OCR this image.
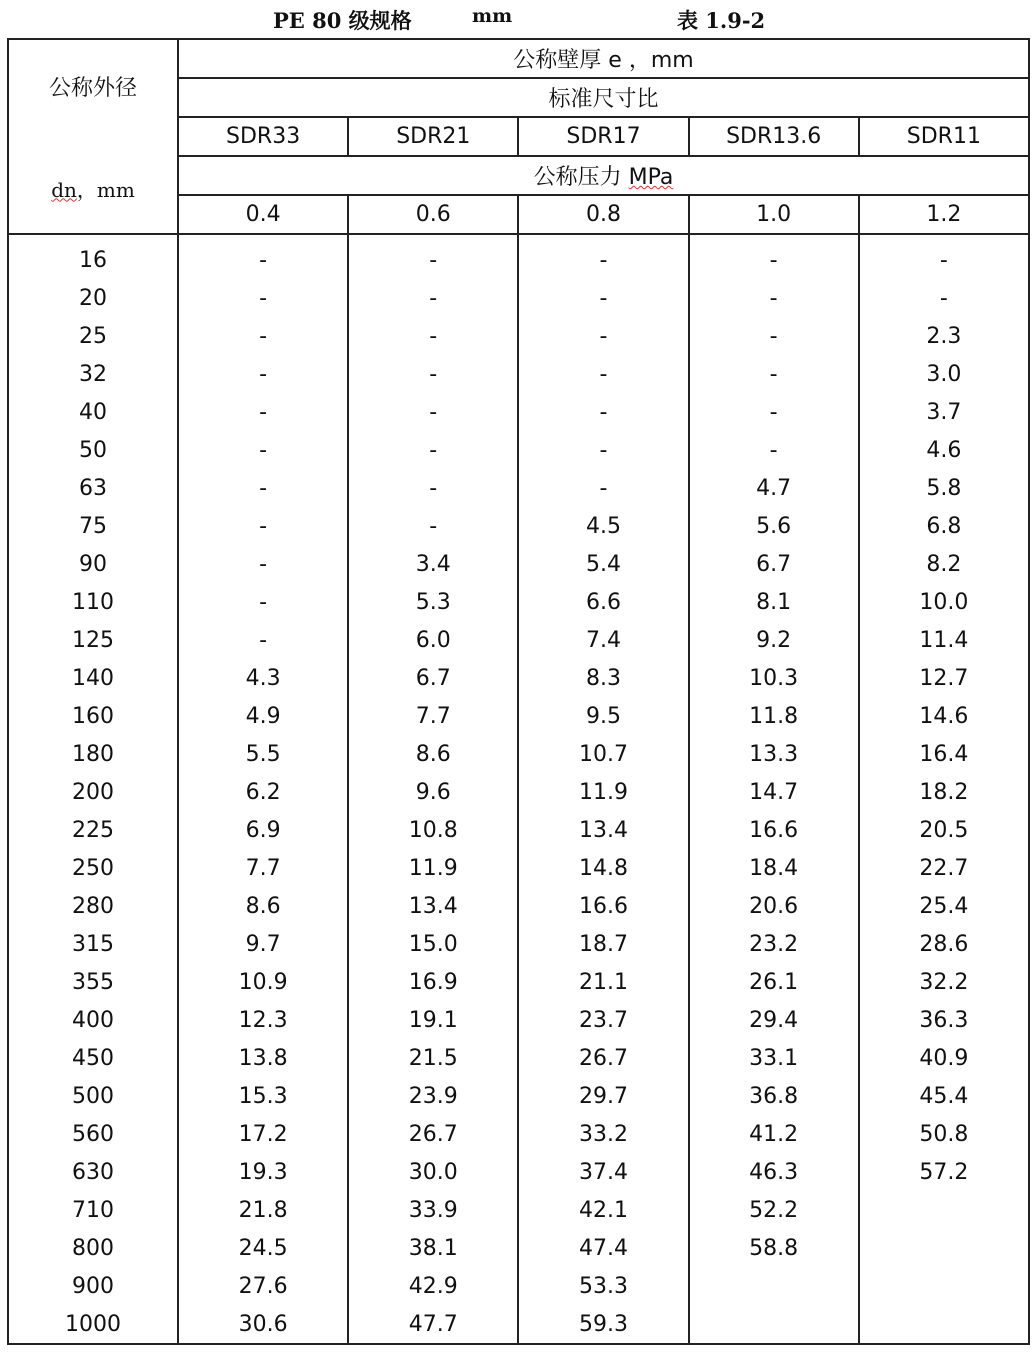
PE 80 级规格	mm	表 1.9-2
公称外径
dn，mm	公称壁厚 e ，mm				
	标准尺寸比				
	SDR33	SDR21	SDR17	SDR13.6	SDR11
	公称压力 MPa				
	0.4	0.6	0.8	1.0	1.2
16	-	-	-	-	-
20	-	-	-	-	-
25	-	-	-	-	2.3
32	-	-	-	-	3.0
40	-	-	-	-	3.7
50	-	-	-	-	4.6
63	-	-	-	4.7	5.8
75	-	-	4.5	5.6	6.8
90	-	3.4	5.4	6.7	8.2
110	-	5.3	6.6	8.1	10.0
125	-	6.0	7.4	9.2	11.4
140	4.3	6.7	8.3	10.3	12.7
160	4.9	7.7	9.5	11.8	14.6
180	5.5	8.6	10.7	13.3	16.4
200	6.2	9.6	11.9	14.7	18.2
225	6.9	10.8	13.4	16.6	20.5
250	7.7	11.9	14.8	18.4	22.7
280	8.6	13.4	16.6	20.6	25.4
315	9.7	15.0	18.7	23.2	28.6
355	10.9	16.9	21.1	26.1	32.2
400	12.3	19.1	23.7	29.4	36.3
450	13.8	21.5	26.7	33.1	40.9
500	15.3	23.9	29.7	36.8	45.4
560	17.2	26.7	33.2	41.2	50.8
630	19.3	30.0	37.4	46.3	57.2
710	21.8	33.9	42.1	52.2	
800	24.5	38.1	47.4	58.8	
900	27.6	42.9	53.3		
1000	30.6	47.7	59.3		
